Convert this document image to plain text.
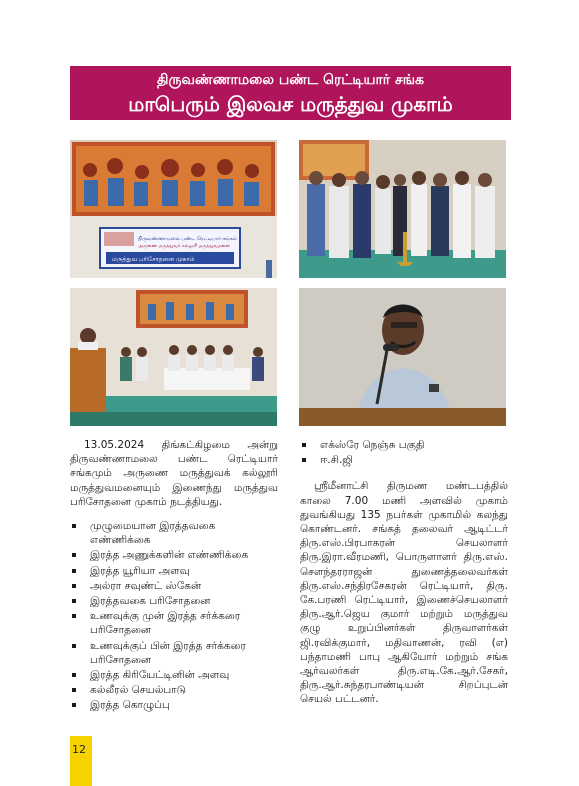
திருவண்ணாமலை பண்ட ரெட்டியார் சங்க
மாபெரும் இலவச மருத்துவ முகாம்
திருவண்ணாமலை பண்ட ரெட்டியார் சங்கம்
அருணை மருத்துவக் கல்லூரி மருத்துவமனை
மருத்துவ பரிசோதனை முகாம்

13.05.2024 திங்கட்கிழமை அன்று திருவண்ணாமலை பண்ட ரெட்டியார் சங்கமும் அருணை மருத்துவக் கல்லூரி மருத்துவமனையும் இணைந்து மருத்துவ பரிசோதனை முகாம் நடத்தியது.

முழுமையான இரத்தவகை எண்ணிக்கை
இரத்த அணுக்களின் எண்ணிக்கை
இரத்த யூரியா அளவு
அல்ரா சவுண்ட் ஸ்கேன்
இரத்தவகை பரிசோதனை
உணவுக்கு முன் இரத்த சர்க்கரை பரிசோதனை
உணவுக்குப் பின் இரத்த சர்க்கரை பரிசோதனை
இரத்த கிரியேட்டினின் அளவு
கல்லீரல் செயல்பாடு
இரத்த கொழுப்பு
எக்ஸ்ரே நெஞ்சு பகுதி
ஈ.சி.ஜி

ஸ்ரீமீனாட்சி திருமண மண்டபத்தில் காலை 7.00 மணி அளவில் முகாம் துவங்கியது 135 நபர்கள் முகாமில் கலந்து கொண்டனர். சங்கத் தலைவர் ஆடிட்டர் திரு.எஸ்.பிரபாகரன் செயலாளர் திரு.இரா.வீரமணி, பொருளாளர் திரு.எஸ். சௌந்தரராஜன் துணைத்தலைவர்கள் திரு.எஸ்.சந்திரசேகரன் ரெட்டியார், திரு. கே.பரணி ரெட்டியார், இணைச்செயலாளர் திரு.ஆர்.ஜெய குமார் மற்றும் மருத்துவ குழு உறுப்பினர்கள் திருவாளர்கள் ஜி.ரவிக்குமார், மதிவாணன், ரவி (எ) பந்தாமணி பாபு ஆகியோர் மற்றும் சங்க ஆர்வலர்கள் திரு.எடி.கே.ஆர்.சேகர், திரு.ஆர்.சுந்தரபாண்டியன் சிறப்புடன் செயல் பட்டனர்.

12
